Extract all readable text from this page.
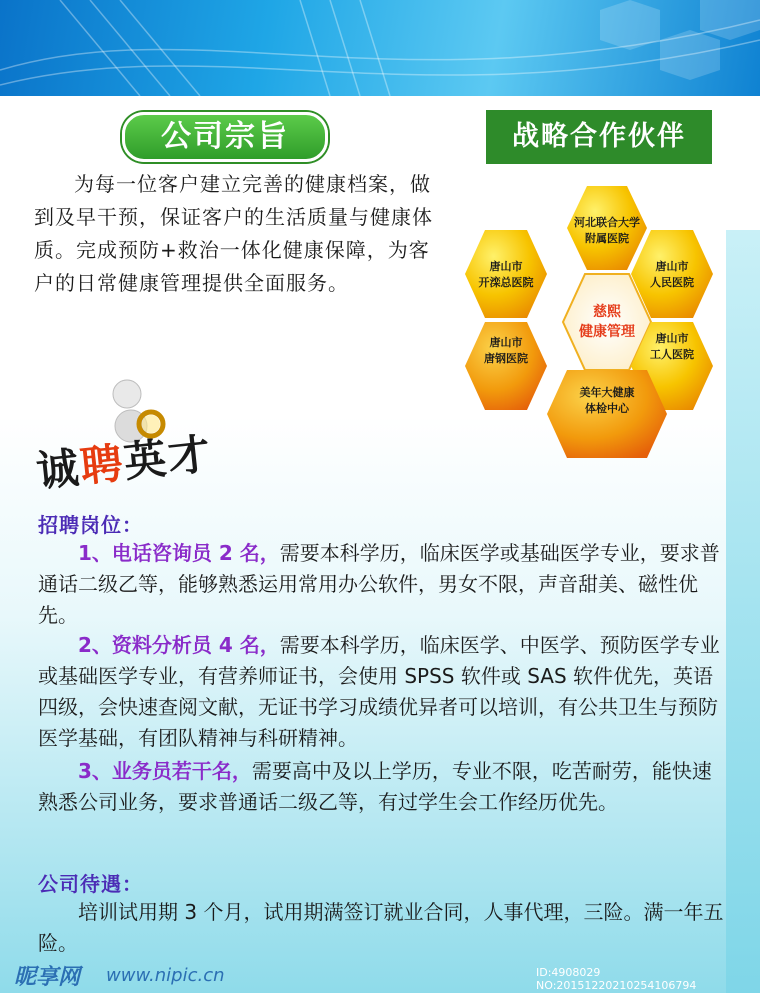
公司宗旨

为每一位客户建立完善的健康档案，做到及早干预，保证客户的生活质量与健康体质。完成预防+救治一体化健康保障，为客户的日常健康管理提供全面服务。

战略合作伙伴
河北联合大学
附属医院
唐山市
开滦总医院
唐山市
人民医院
慈熙
健康管理
唐山市
唐钢医院
唐山市
工人医院
美年大健康
体检中心
诚聘英才
招聘岗位：

1、电话咨询员 2 名，需要本科学历，临床医学或基础医学专业，要求普通话二级乙等，能够熟悉运用常用办公软件，男女不限，声音甜美、磁性优先。

2、资料分析员 4 名，需要本科学历，临床医学、中医学、预防医学专业或基础医学专业，有营养师证书，会使用 SPSS 软件或 SAS 软件优先，英语四级，会快速查阅文献，无证书学习成绩优异者可以培训，有公共卫生与预防医学基础，有团队精神与科研精神。

3、业务员若干名，需要高中及以上学历，专业不限，吃苦耐劳，能快速熟悉公司业务，要求普通话二级乙等，有过学生会工作经历优先。

公司待遇：

培训试用期 3 个月，试用期满签订就业合同，人事代理，三险。满一年五险。

昵享网 www.nipic.cn	ID:4908029 NO:20151220210254106794
